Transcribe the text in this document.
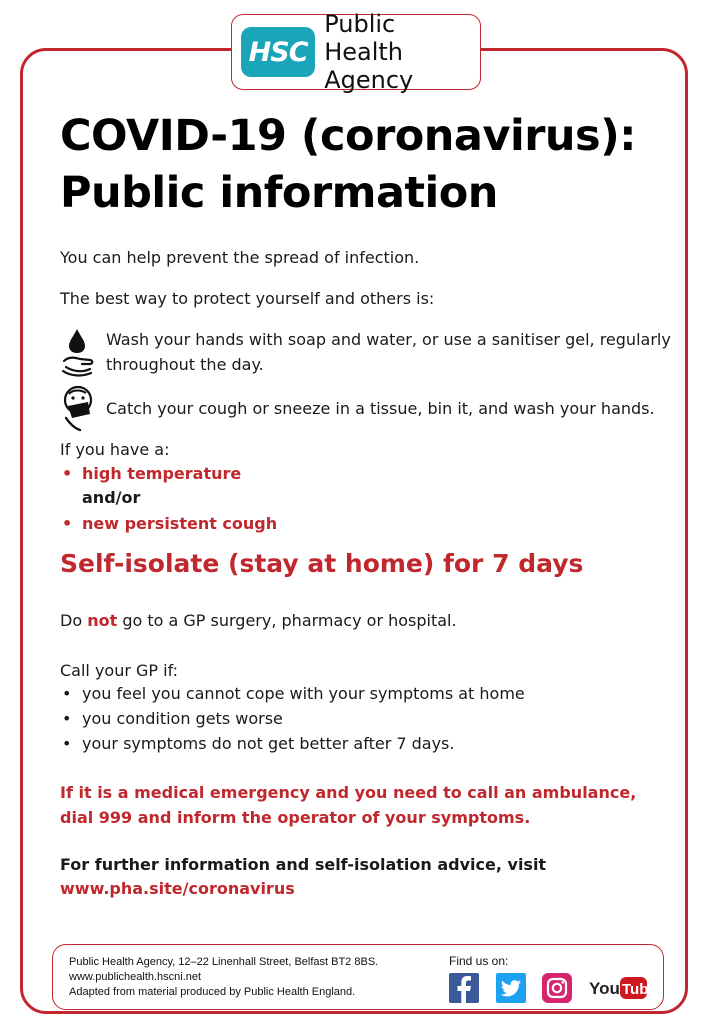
HSC
Public Health
Agency
COVID-19 (coronavirus):
Public information

You can help prevent the spread of infection.

The best way to protect yourself and others is:

Wash your hands with soap and water, or use a sanitiser gel, regularly throughout the day.
Catch your cough or sneeze in a tissue, bin it, and wash your hands.

If you have a:

• high temperature

and/or

• new persistent cough
Self-isolate (stay at home) for 7 days

Do not go to a GP surgery, pharmacy or hospital.

Call your GP if:

• you feel you cannot cope with your symptoms at home
• you condition gets worse
• your symptoms do not get better after 7 days.

If it is a medical emergency and you need to call an ambulance, dial 999 and inform the operator of your symptoms.

For further information and self-isolation advice, visit

www.pha.site/coronavirus

Public Health Agency, 12–22 Linenhall Street, Belfast BT2 8BS.
www.publichealth.hscni.net
Adapted from material produced by Public Health England.
Find us on:
You Tube
